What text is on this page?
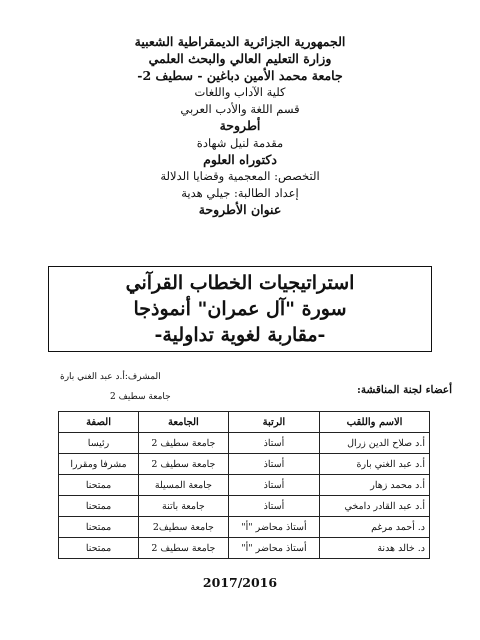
الجمهورية الجزائرية الديمقراطية الشعبية
وزارة التعليم العالي والبحث العلمي
جامعة محمد الأمين دباغين - سطيف 2-
كلية الآداب واللغات
قسم اللغة والأدب العربي
أطروحة
مقدمة لنيل شهادة
دكتوراه العلوم
التخصص: المعجمية وقضايا الدلالة
إعداد الطالبة: جيلي هدية
عنوان الأطروحة
استراتيجيات الخطاب القرآني
سورة "آل عمران" أنموذجا
-مقاربة لغوية تداولية-
المشرف:أ.د عبد الغني بارة
جامعة سطيف 2
أعضاء لجنة المناقشة:
الاسم واللقب	الرتبة	الجامعة	الصفة
أ.د صلاح الدين زرال	أستاذ	جامعة سطيف 2	رئيسا
أ.د عبد الغني بارة	أستاذ	جامعة سطيف 2	مشرفا ومقررا
أ.د محمد زهار	أستاذ	جامعة المسيلة	ممتحنا
أ.د عبد القادر دامخي	أستاذ	جامعة باتنة	ممتحنا
د. أحمد مرغم	أستاذ محاضر "أ"	جامعة سطيف2	ممتحنا
د. خالد هدنة	أستاذ محاضر "أ"	جامعة سطيف 2	ممتحنا
2017/2016
